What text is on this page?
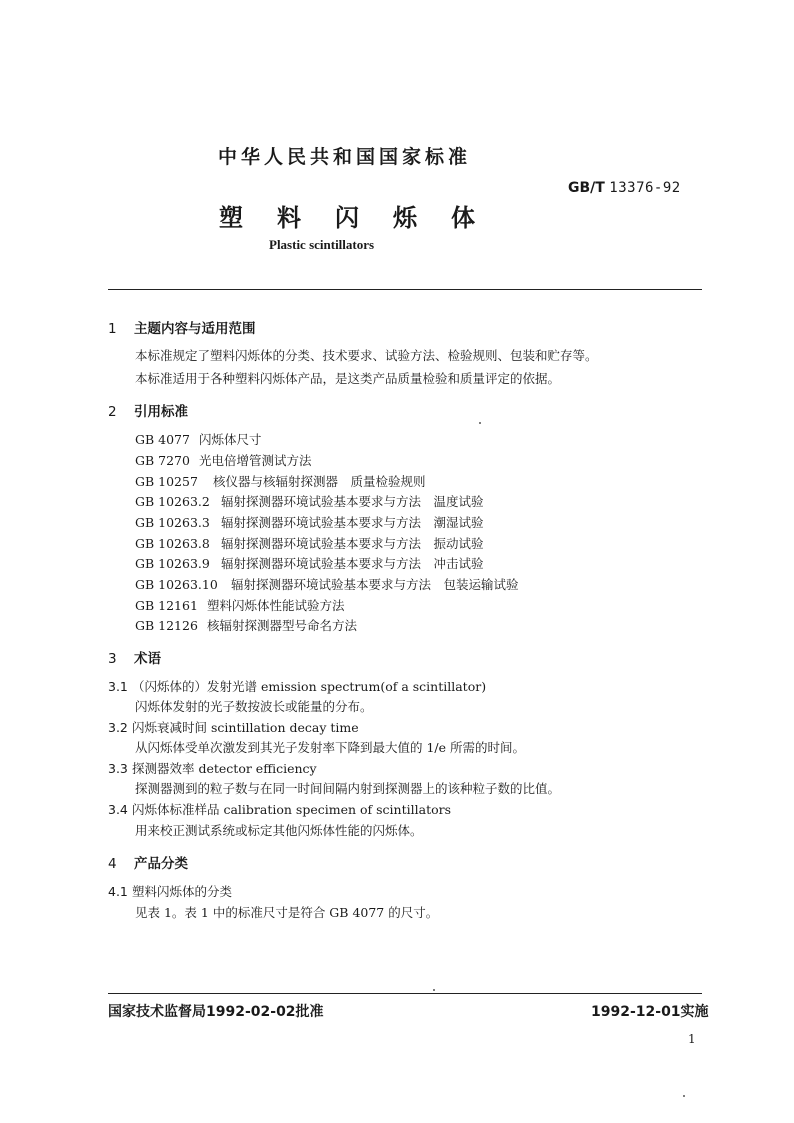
中华人民共和国国家标准
GB/T 13376-92
塑料闪烁体
Plastic scintillators
1 主题内容与适用范围
本标准规定了塑料闪烁体的分类、技术要求、试验方法、检验规则、包装和贮存等。
本标准适用于各种塑料闪烁体产品，是这类产品质量检验和质量评定的依据。
2 引用标准
GB 4077 闪烁体尺寸
GB 7270 光电倍增管测试方法
GB 10257 核仪器与核辐射探测器　质量检验规则
GB 10263.2 辐射探测器环境试验基本要求与方法　温度试验
GB 10263.3 辐射探测器环境试验基本要求与方法　潮湿试验
GB 10263.8 辐射探测器环境试验基本要求与方法　振动试验
GB 10263.9 辐射探测器环境试验基本要求与方法　冲击试验
GB 10263.10 辐射探测器环境试验基本要求与方法　包装运输试验
GB 12161 塑料闪烁体性能试验方法
GB 12126 核辐射探测器型号命名方法
3 术语
3.1 （闪烁体的）发射光谱 emission spectrum(of a scintillator)
闪烁体发射的光子数按波长或能量的分布。
3.2 闪烁衰减时间 scintillation decay time
从闪烁体受单次激发到其光子发射率下降到最大值的 1/e 所需的时间。
3.3 探测器效率 detector efficiency
探测器测到的粒子数与在同一时间间隔内射到探测器上的该种粒子数的比值。
3.4 闪烁体标准样品 calibration specimen of scintillators
用来校正测试系统或标定其他闪烁体性能的闪烁体。
4 产品分类
4.1 塑料闪烁体的分类
见表 1。表 1 中的标准尺寸是符合 GB 4077 的尺寸。
国家技术监督局1992-02-02批准	1992-12-01实施
1
